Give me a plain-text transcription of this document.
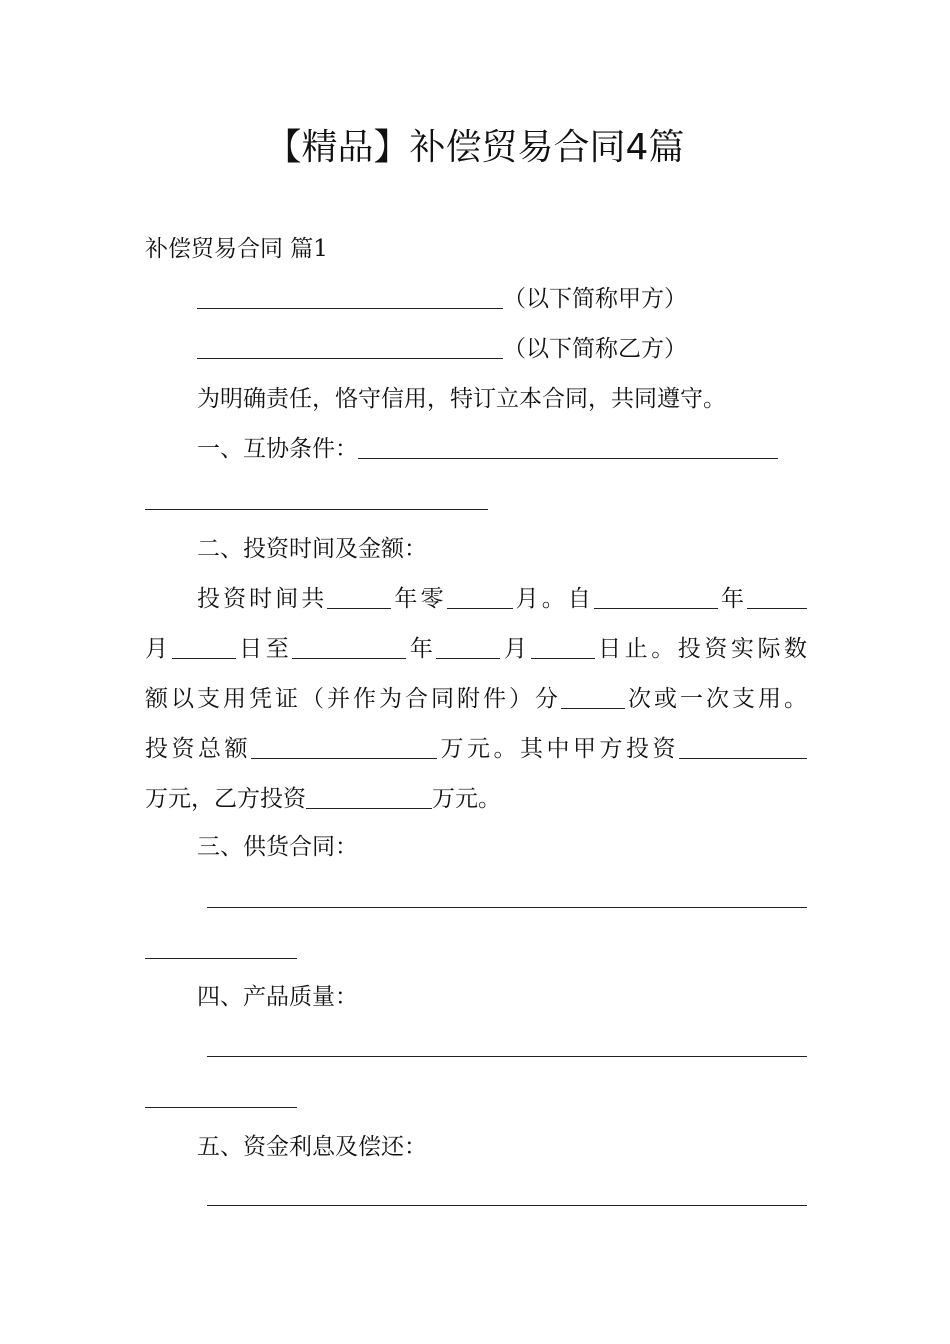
【精品】补偿贸易合同4篇
补偿贸易合同 篇1
（以下简称甲方）
（以下简称乙方）
为明确责任，恪守信用，特订立本合同，共同遵守。
一、互协条件：
二、投资时间及金额：
投资时间共	年零	月。自	年
月	日至	年	月	日止。投资实际数
额以支用凭证（并作为合同附件）分	次或一次支用。
投资总额	万元。其中甲方投资
万元，乙方投资	万元。
三、供货合同：
四、产品质量：
五、资金利息及偿还：
